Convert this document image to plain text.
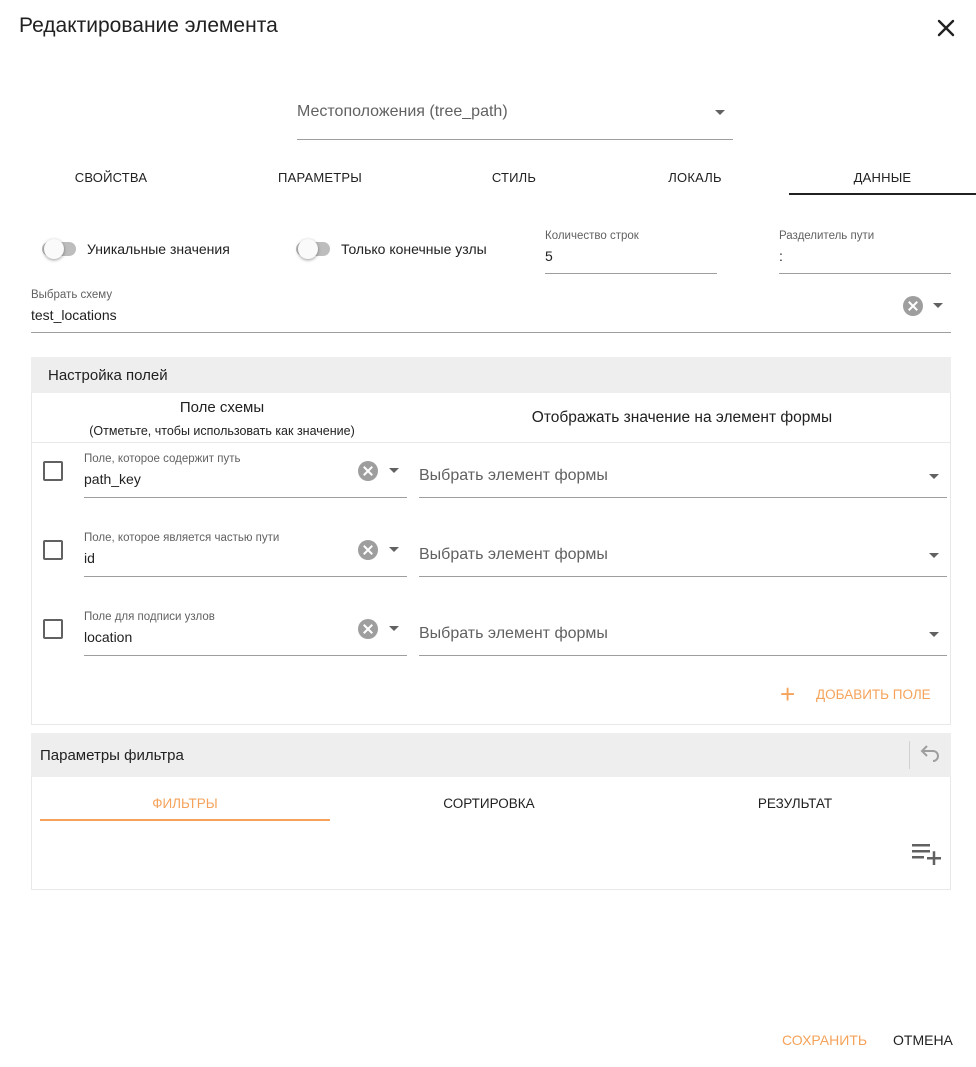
Редактирование элемента
Местоположения (tree_path)
СВОЙСТВА	ПАРАМЕТРЫ	СТИЛЬ	ЛОКАЛЬ	ДАННЫЕ
Уникальные значения	Только конечные узлы
Количество строк
5
Разделитель пути
:
Выбрать схему
test_locations
Настройка полей
Поле схемы
(Отметьте, чтобы использовать как значение)
Отображать значение на элемент формы
Поле, которое содержит путь
path_key	Выбрать элемент формы
Поле, которое является частью пути
id	Выбрать элемент формы
Поле для подписи узлов
location	Выбрать элемент формы
+ ДОБАВИТЬ ПОЛЕ
Параметры фильтра
ФИЛЬТРЫ	СОРТИРОВКА	РЕЗУЛЬТАТ
СОХРАНИТЬ ОТМЕНА
